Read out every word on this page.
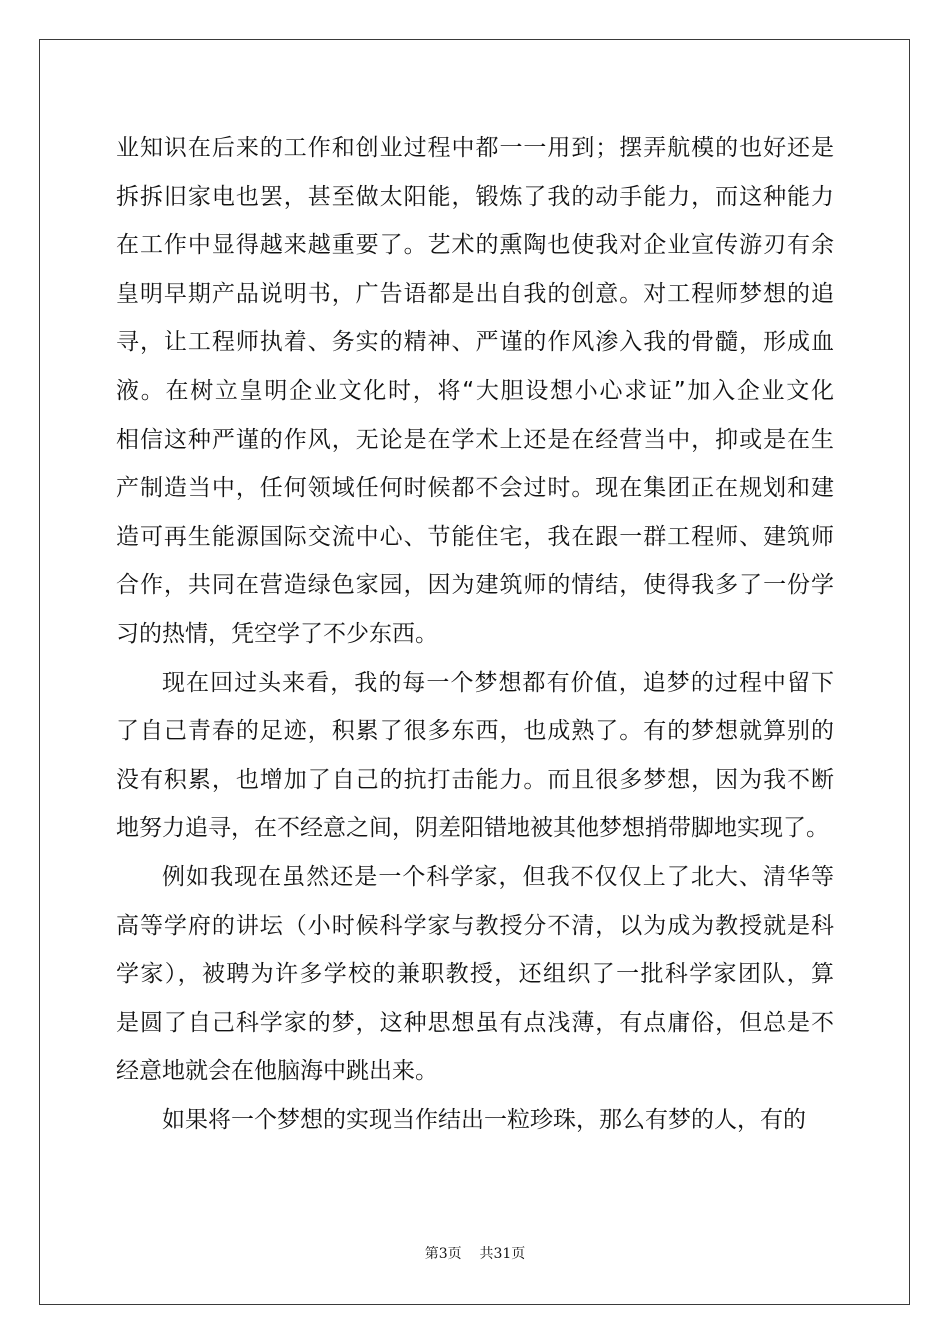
业知识在后来的工作和创业过程中都一一用到；摆弄航模的也好还是
拆拆旧家电也罢，甚至做太阳能，锻炼了我的动手能力，而这种能力
在工作中显得越来越重要了。艺术的熏陶也使我对企业宣传游刃有余
皇明早期产品说明书，广告语都是出自我的创意。对工程师梦想的追
寻，让工程师执着、务实的精神、严谨的作风渗入我的骨髓，形成血
液。在树立皇明企业文化时，将“大胆设想小心求证”加入企业文化
相信这种严谨的作风，无论是在学术上还是在经营当中，抑或是在生
产制造当中，任何领域任何时候都不会过时。现在集团正在规划和建
造可再生能源国际交流中心、节能住宅，我在跟一群工程师、建筑师
合作，共同在营造绿色家园，因为建筑师的情结，使得我多了一份学
习的热情，凭空学了不少东西。
现在回过头来看，我的每一个梦想都有价值，追梦的过程中留下
了自己青春的足迹，积累了很多东西，也成熟了。有的梦想就算别的
没有积累，也增加了自己的抗打击能力。而且很多梦想，因为我不断
地努力追寻，在不经意之间，阴差阳错地被其他梦想捎带脚地实现了。
例如我现在虽然还是一个科学家，但我不仅仅上了北大、清华等
高等学府的讲坛（小时候科学家与教授分不清，以为成为教授就是科
学家），被聘为许多学校的兼职教授，还组织了一批科学家团队，算
是圆了自己科学家的梦，这种思想虽有点浅薄，有点庸俗，但总是不
经意地就会在他脑海中跳出来。
如果将一个梦想的实现当作结出一粒珍珠，那么有梦的人，有的
第3页    共31页
